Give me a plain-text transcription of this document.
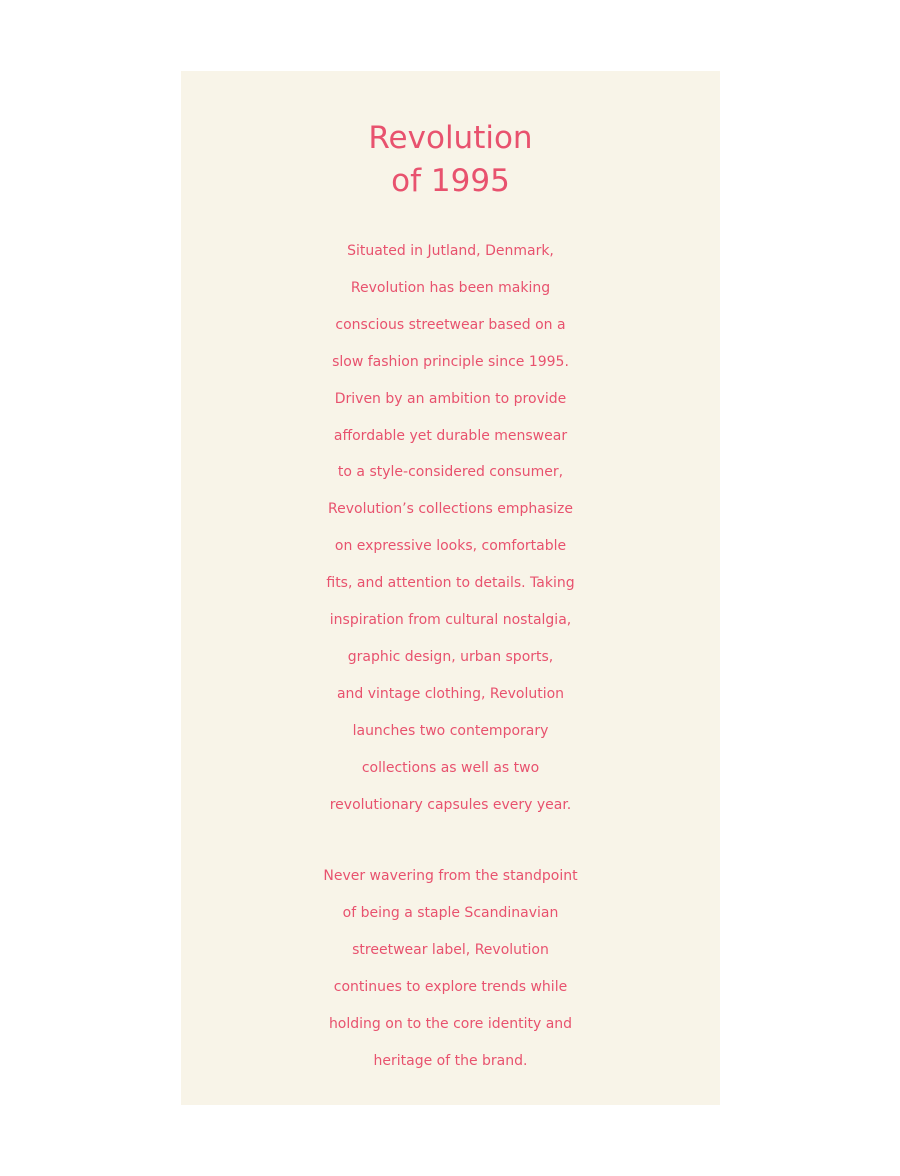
Revolution
of 1995

Situated in Jutland, Denmark,
Revolution has been making
conscious streetwear based on a
slow fashion principle since 1995.
Driven by an ambition to provide
affordable yet durable menswear
to a style-considered consumer,
Revolution’s collections emphasize
on expressive looks, comfortable
fits, and attention to details. Taking
inspiration from cultural nostalgia,
graphic design, urban sports,
and vintage clothing, Revolution
launches two contemporary
collections as well as two
revolutionary capsules every year.

Never wavering from the standpoint
of being a staple Scandinavian
streetwear label, Revolution
continues to explore trends while
holding on to the core identity and
heritage of the brand.
